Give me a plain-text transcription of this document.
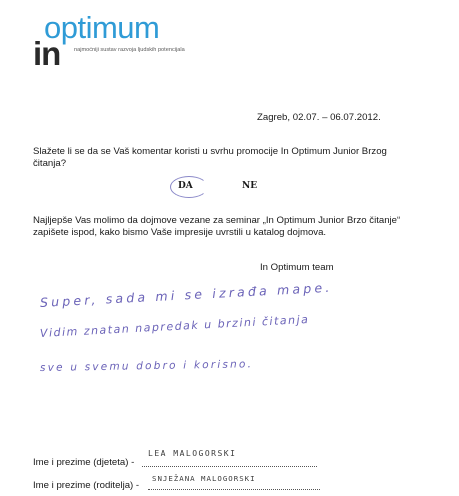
optimum
in najmoćniji sustav razvoja ljudskih potencijala
Zagreb, 02.07. – 06.07.2012.
Slažete li se da se Vaš komentar koristi u svrhu promocije In Optimum Junior Brzog
čitanja?
DA	NE
Najljepše Vas molimo da dojmove vezane za seminar „In Optimum Junior Brzo čitanje“
zapišete ispod, kako bismo Vaše impresije uvrstili u katalog dojmova.
In Optimum team
Super, sada mi se izrađa mape.
Vidim znatan napredak u brzini čitanja
sve u svemu dobro i korisno.
Ime i prezime (djeteta) -
LEA MALOGORSKI
Ime i prezime (roditelja) -
SNJEŽANA MALOGORSKI
